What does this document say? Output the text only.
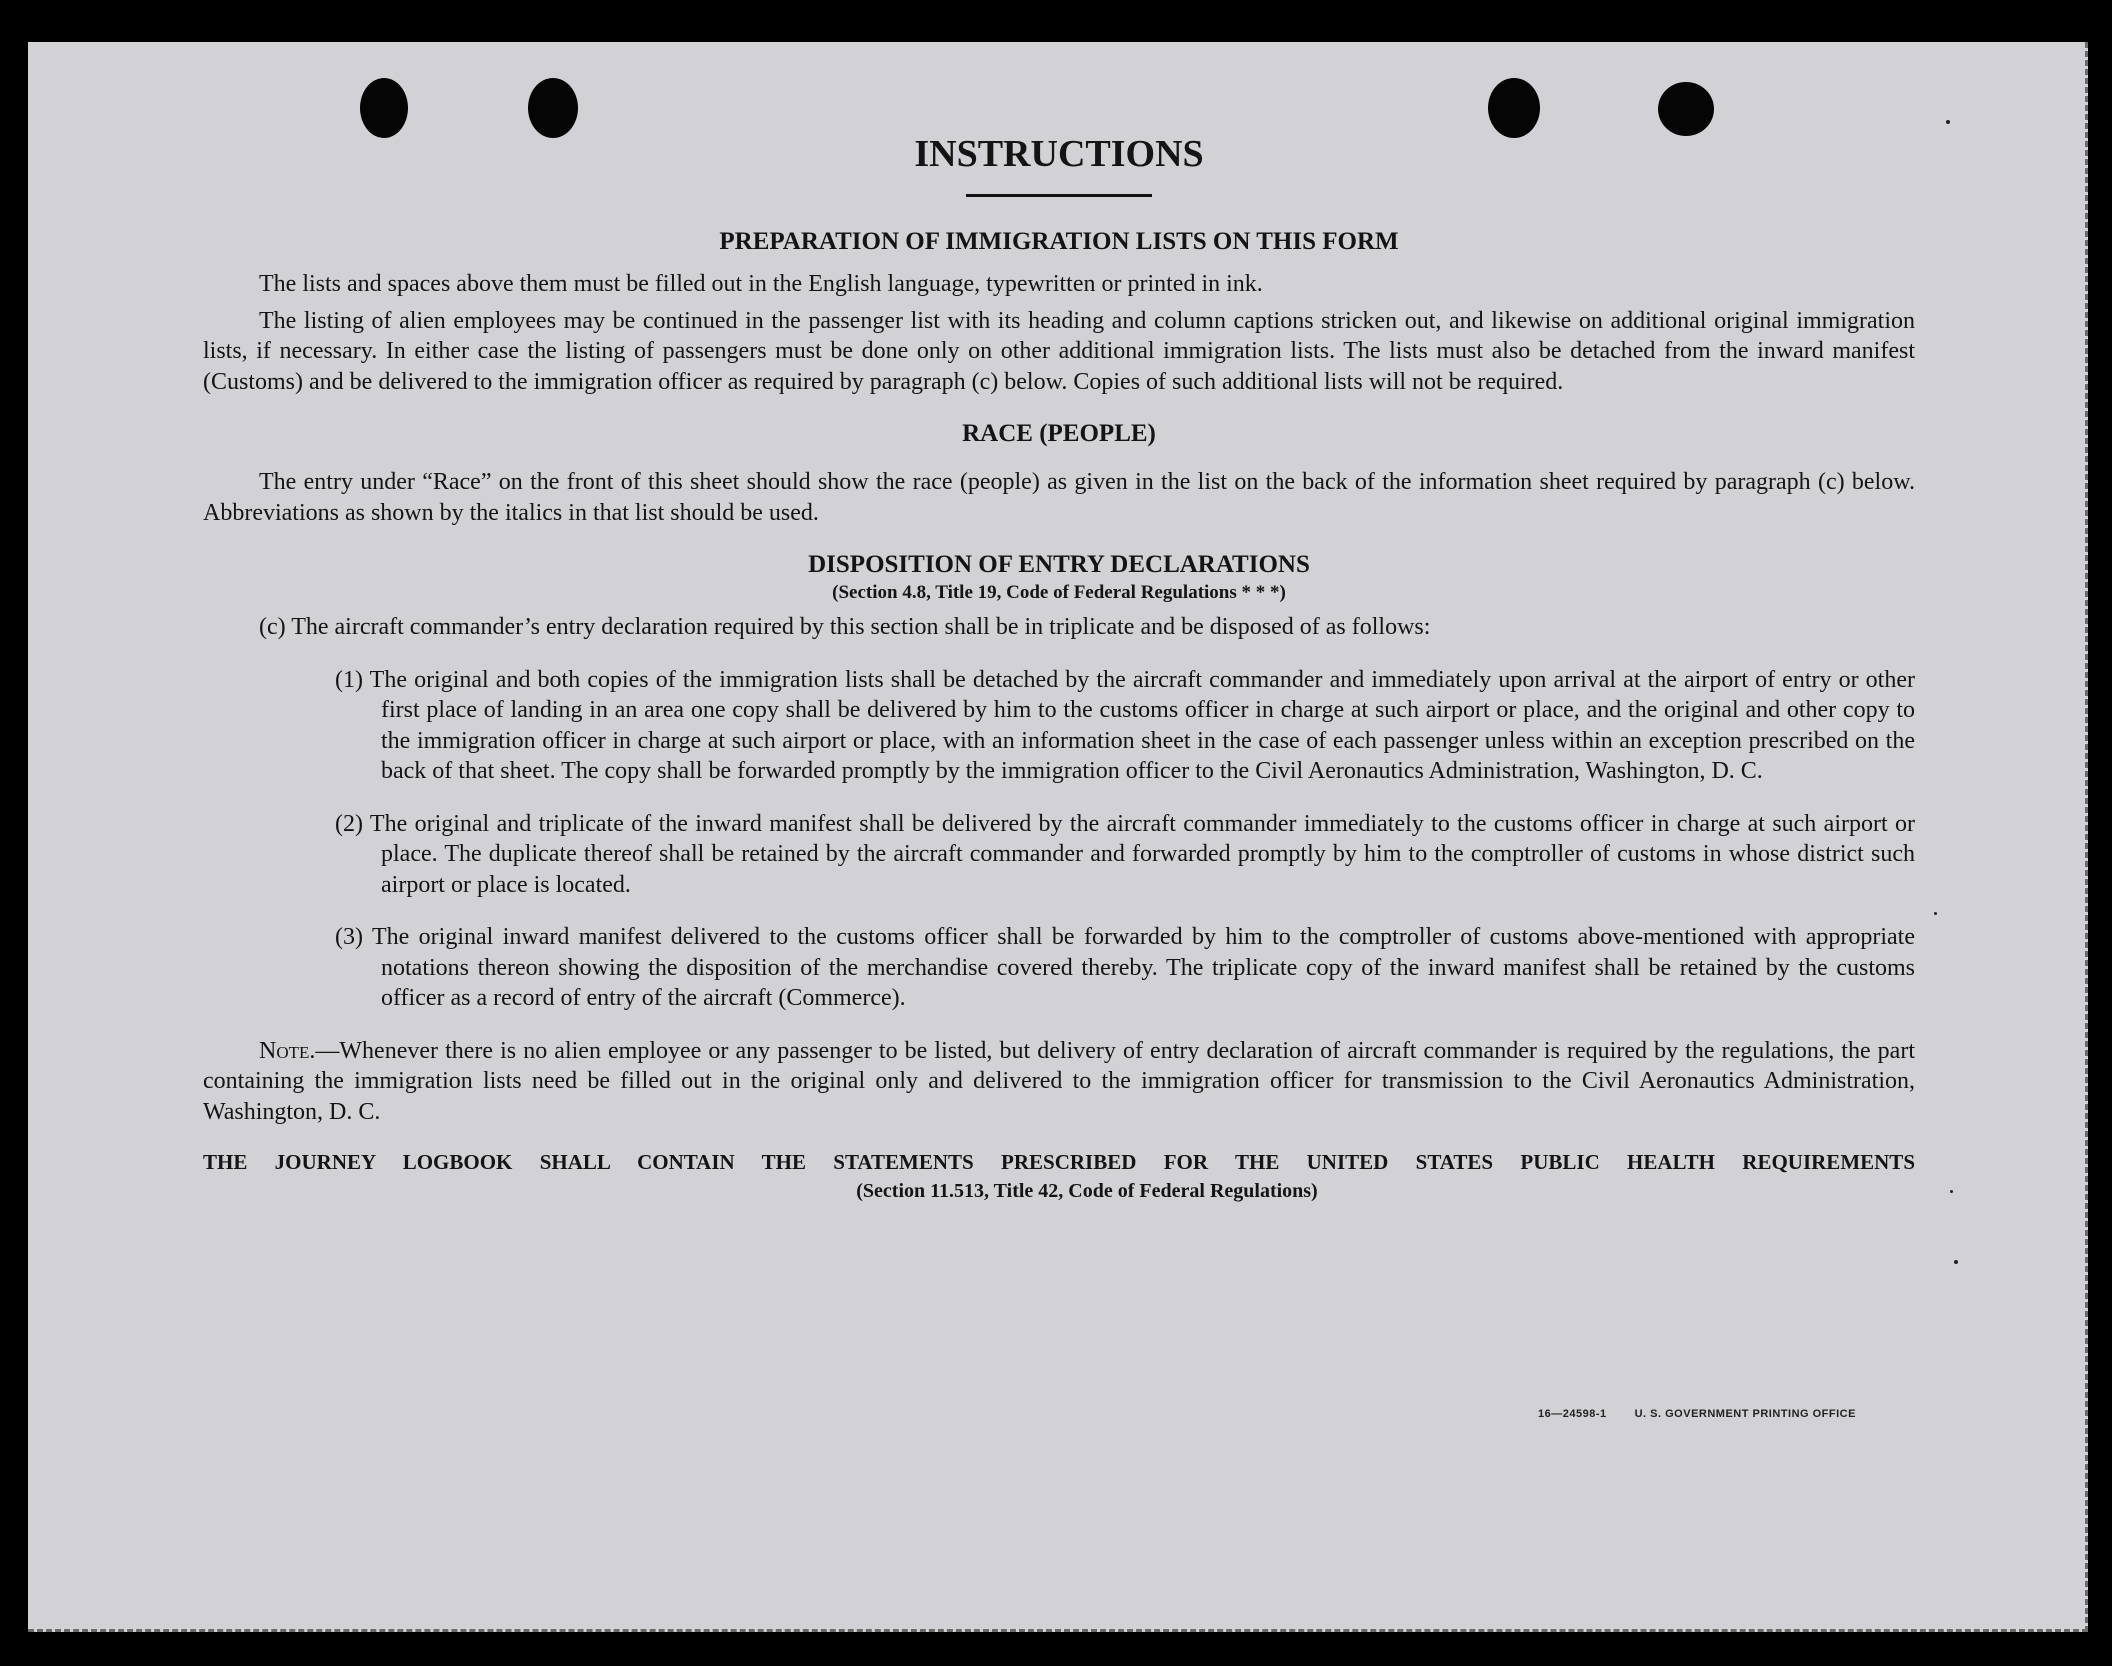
INSTRUCTIONS
PREPARATION OF IMMIGRATION LISTS ON THIS FORM

The lists and spaces above them must be filled out in the English language, typewritten or printed in ink.

The listing of alien employees may be continued in the passenger list with its heading and column captions stricken out, and likewise on additional original immigration lists, if necessary. In either case the listing of passengers must be done only on other additional immigration lists. The lists must also be detached from the inward manifest (Customs) and be delivered to the immigration officer as required by paragraph (c) below. Copies of such additional lists will not be required.

RACE (PEOPLE)

The entry under “Race” on the front of this sheet should show the race (people) as given in the list on the back of the information sheet required by paragraph (c) below. Abbreviations as shown by the italics in that list should be used.

DISPOSITION OF ENTRY DECLARATIONS
(Section 4.8, Title 19, Code of Federal Regulations * * *)
(c) The aircraft commander’s entry declaration required by this section shall be in triplicate and be disposed of as follows:
(1) The original and both copies of the immigration lists shall be detached by the aircraft commander and immediately upon arrival at the airport of entry or other first place of landing in an area one copy shall be delivered by him to the customs officer in charge at such airport or place, and the original and other copy to the immigration officer in charge at such airport or place, with an information sheet in the case of each passenger unless within an exception prescribed on the back of that sheet. The copy shall be forwarded promptly by the immigration officer to the Civil Aeronautics Administration, Washington, D. C.
(2) The original and triplicate of the inward manifest shall be delivered by the aircraft commander immediately to the customs officer in charge at such airport or place. The duplicate thereof shall be retained by the aircraft commander and forwarded promptly by him to the comptroller of customs in whose district such airport or place is located.
(3) The original inward manifest delivered to the customs officer shall be forwarded by him to the comptroller of customs above-mentioned with appropriate notations thereon showing the disposition of the merchandise covered thereby. The triplicate copy of the inward manifest shall be retained by the customs officer as a record of entry of the aircraft (Commerce).

Note.—Whenever there is no alien employee or any passenger to be listed, but delivery of entry declaration of aircraft commander is required by the regulations, the part containing the immigration lists need be filled out in the original only and delivered to the immigration officer for transmission to the Civil Aeronautics Administration, Washington, D. C.

THE JOURNEY LOGBOOK SHALL CONTAIN THE STATEMENTS PRESCRIBED FOR THE UNITED STATES PUBLIC HEALTH REQUIREMENTS

(Section 11.513, Title 42, Code of Federal Regulations)

16—24598-1	U. S. GOVERNMENT PRINTING OFFICE
